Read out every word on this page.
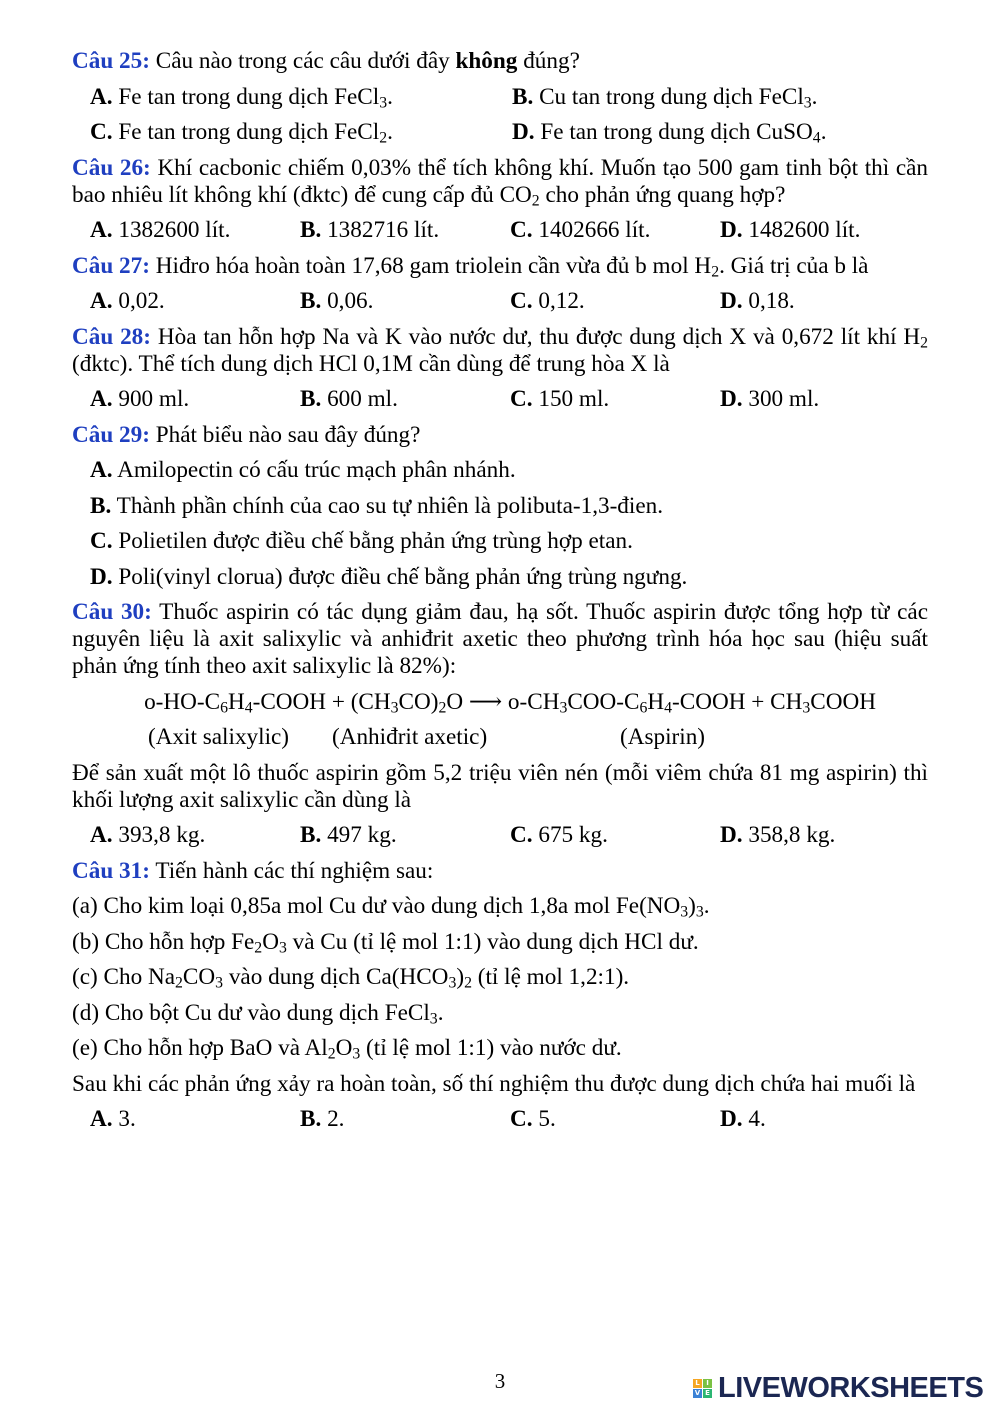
Câu 25: Câu nào trong các câu dưới đây không đúng?
A. Fe tan trong dung dịch FeCl$_3$.	B. Cu tan trong dung dịch FeCl$_3$.
C. Fe tan trong dung dịch FeCl$_2$.	D. Fe tan trong dung dịch CuSO$_4$.
Câu 26: Khí cacbonic chiếm 0,03% thể tích không khí. Muốn tạo 500 gam tinh bột thì cần
bao nhiêu lít không khí (đktc) để cung cấp đủ $CO_2$ cho phản ứng quang hợp?
A. 1382600 lít.	B. 1382716 lít.	C. 1402666 lít.	D. 1482600 lít.
Câu 27: Hiđro hóa hoàn toàn 17,68 gam triolein cần vừa đủ b mol $H_2$. Giá trị của b là
A. 0,02.	B. 0,06.	C. 0,12.	D. 0,18.
Câu 28: Hòa tan hỗn hợp Na và K vào nước dư, thu được dung dịch X và 0,672 lít khí $H_2$
(đktc). Thể tích dung dịch HCl 0,1M cần dùng để trung hòa X là
A. 900 ml.	B. 600 ml.	C. 150 ml.	D. 300 ml.
Câu 29: Phát biểu nào sau đây đúng?
A. Amilopectin có cấu trúc mạch phân nhánh.
B. Thành phần chính của cao su tự nhiên là polibuta-1,3-đien.
C. Polietilen được điều chế bằng phản ứng trùng hợp etan.
D. Poli(vinyl clorua) được điều chế bằng phản ứng trùng ngưng.
Câu 30: Thuốc aspirin có tác dụng giảm đau, hạ sốt. Thuốc aspirin được tổng hợp từ các
nguyên liệu là axit salixylic và anhiđrit axetic theo phương trình hóa học sau (hiệu suất
phản ứng tính theo axit salixylic là 82%):
$o-HO-C_6H_4$-COOH + $(CH_3CO)_2O$ ⟶ $o-CH_3COO-C_6H_4$-COOH + $CH_3COOH$
(Axit salixylic) (Anhiđrit axetic)	(Aspirin)
Để sản xuất một lô thuốc aspirin gồm 5,2 triệu viên nén (mỗi viêm chứa 81 mg aspirin) thì
khối lượng axit salixylic cần dùng là
A. 393,8 kg.	B. 497 kg.	C. 675 kg.	D. 358,8 kg.
Câu 31: Tiến hành các thí nghiệm sau:
(a) Cho kim loại 0,85a mol Cu dư vào dung dịch 1,8a mol $Fe(NO_3)_3$.
(b) Cho hỗn hợp $Fe_2O_3$ và Cu (tỉ lệ mol 1:1) vào dung dịch HCl dư.
(c) Cho $Na_2CO_3$ vào dung dịch $Ca(HCO_3)_2$ (tỉ lệ mol 1,2:1).
(d) Cho bột Cu dư vào dung dịch FeCl$_3$.
(e) Cho hỗn hợp BaO và $Al_2O_3$ (tỉ lệ mol 1:1) vào nước dư.
Sau khi các phản ứng xảy ra hoàn toàn, số thí nghiệm thu được dung dịch chứa hai muối là
A. 3.	B. 2.	C. 5.	D. 4.
3	L I
V E LIVEWORKSHEETS
